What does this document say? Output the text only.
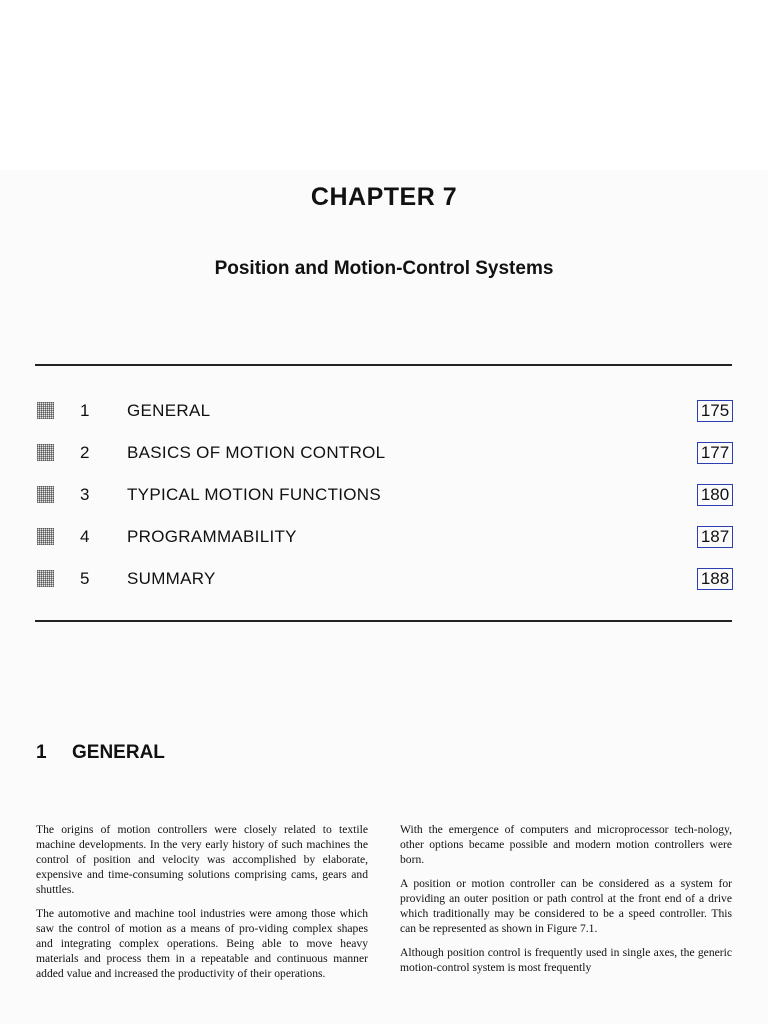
CHAPTER 7
Position and Motion-Control Systems
1 GENERAL	175
2 BASICS OF MOTION CONTROL	177
3 TYPICAL MOTION FUNCTIONS	180
4 PROGRAMMABILITY	187
5 SUMMARY	188
1 GENERAL

The origins of motion controllers were closely related to textile machine developments. In the very early history of such machines the control of position and velocity was accomplished by elaborate, expensive and time-consuming solutions comprising cams, gears and shuttles.

The automotive and machine tool industries were among those which saw the control of motion as a means of pro-viding complex shapes and integrating complex operations. Being able to move heavy materials and process them in a repeatable and continuous manner added value and increased the productivity of their operations.

With the emergence of computers and microprocessor tech-nology, other options became possible and modern motion controllers were born.

A position or motion controller can be considered as a system for providing an outer position or path control at the front end of a drive which traditionally may be considered to be a speed controller. This can be represented as shown in Figure 7.1.

Although position control is frequently used in single axes, the generic motion-control system is most frequently
